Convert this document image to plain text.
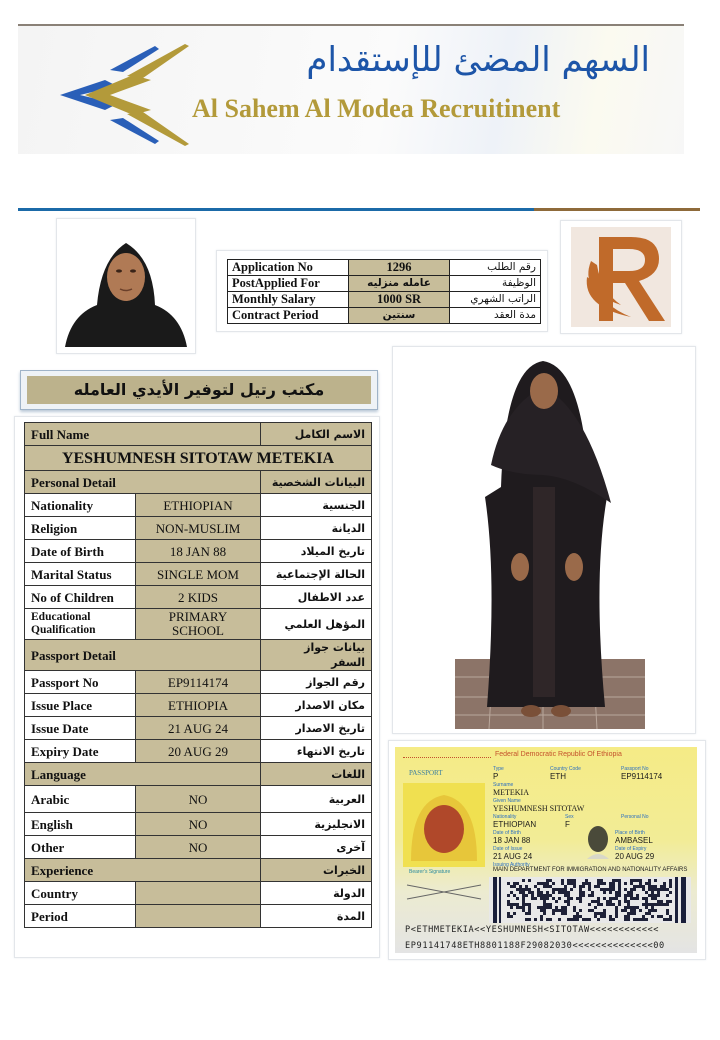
السهم المضئ للإستقدام
Al Sahem Al Modea Recruitinent
Application No	1296	رقم الطلب
PostApplied For	عامله منزليه	الوظيفة
Monthly Salary	1000 SR	الراتب الشهري
Contract Period	سنتين	مدة العقد
مكتب رتيل لتوفير الأيدي العامله
Full Name		الاسم الكامل
YESHUMNESH SITOTAW METEKIA		
Personal Detail		البيانات الشخصية
Nationality	ETHIOPIAN	الجنسية
Religion	NON-MUSLIM	الديانة
Date of Birth	18 JAN 88	تاريخ الميلاد
Marital Status	SINGLE MOM	الحالة الإجتماعية
No of Children	2 KIDS	عدد الاطفال
Educational Qualification	PRIMARY SCHOOL	المؤهل العلمي
Passport Detail		بيانات جواز السفر
Passport No	EP9114174	رقم الجواز
Issue Place	ETHIOPIA	مكان الاصدار
Issue Date	21 AUG 24	تاريخ الاصدار
Expiry Date	20 AUG 29	تاريخ الانتهاء
Language		اللغات
Arabic	NO	العربية
English	NO	الانجليزية
Other	NO	آخرى
Experience		الخبرات
Country		الدولة
Period		المدة
Federal Democratic Republic Of Ethiopia
PASSPORT	Type
P
Country Code
ETH
Passport No
EP9114174
Surname
METEKIA
Given Name
YESHUMNESH SITOTAW
Nationality
ETHIOPIAN
Sex
F
Personal No
Date of Birth
18 JAN 88
Place of Birth
AMBASEL
Date of Issue
21 AUG 24
Date of Expiry
20 AUG 29
Issuing Authority
MAIN DEPARTMENT FOR IMMIGRATION AND NATIONALITY AFFAIRS
Bearer's Signature
P<ETHMETEKIA<<YESHUMNESH<SITOTAW<<<<<<<<<<<<
EP91141748ETH8801188F29082030<<<<<<<<<<<<<<00
